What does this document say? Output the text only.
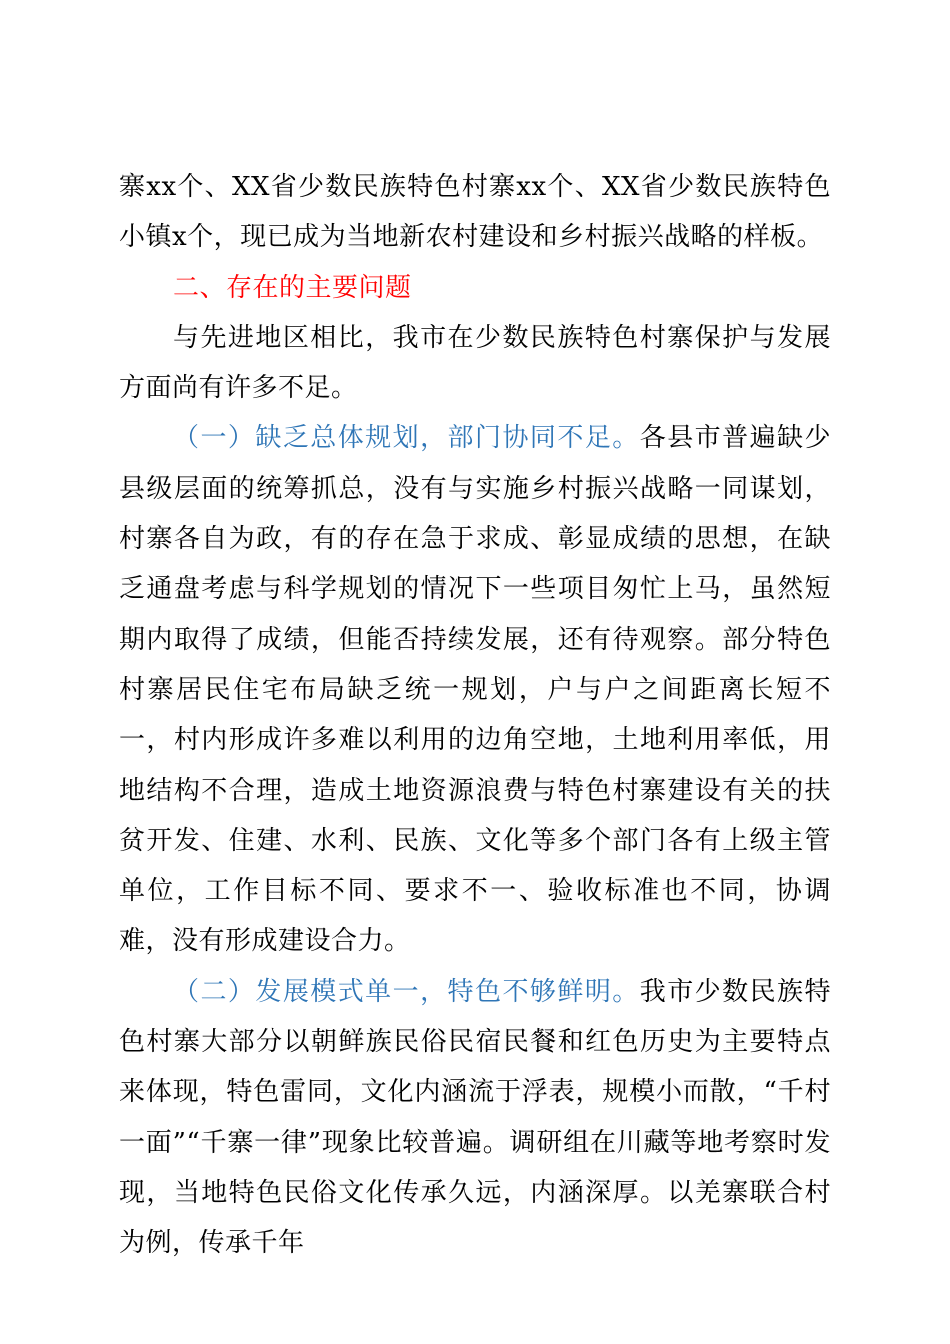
寨xx个、XX省少数民族特色村寨xx个、XX省少数民族特色小镇x个，现已成为当地新农村建设和乡村振兴战略的样板。

二、存在的主要问题

与先进地区相比，我市在少数民族特色村寨保护与发展方面尚有许多不足。

（一）缺乏总体规划，部门协同不足。各县市普遍缺少县级层面的统筹抓总，没有与实施乡村振兴战略一同谋划，村寨各自为政，有的存在急于求成、彰显成绩的思想，在缺乏通盘考虑与科学规划的情况下一些项目匆忙上马，虽然短期内取得了成绩，但能否持续发展，还有待观察。部分特色村寨居民住宅布局缺乏统一规划，户与户之间距离长短不一，村内形成许多难以利用的边角空地，土地利用率低，用地结构不合理，造成土地资源浪费与特色村寨建设有关的扶贫开发、住建、水利、民族、文化等多个部门各有上级主管单位，工作目标不同、要求不一、验收标准也不同，协调难，没有形成建设合力。

（二）发展模式单一，特色不够鲜明。我市少数民族特色村寨大部分以朝鲜族民俗民宿民餐和红色历史为主要特点来体现，特色雷同，文化内涵流于浮表，规模小而散，“千村一面”“千寨一律”现象比较普遍。调研组在川藏等地考察时发现，当地特色民俗文化传承久远，内涵深厚。以羌寨联合村为例，传承千年
